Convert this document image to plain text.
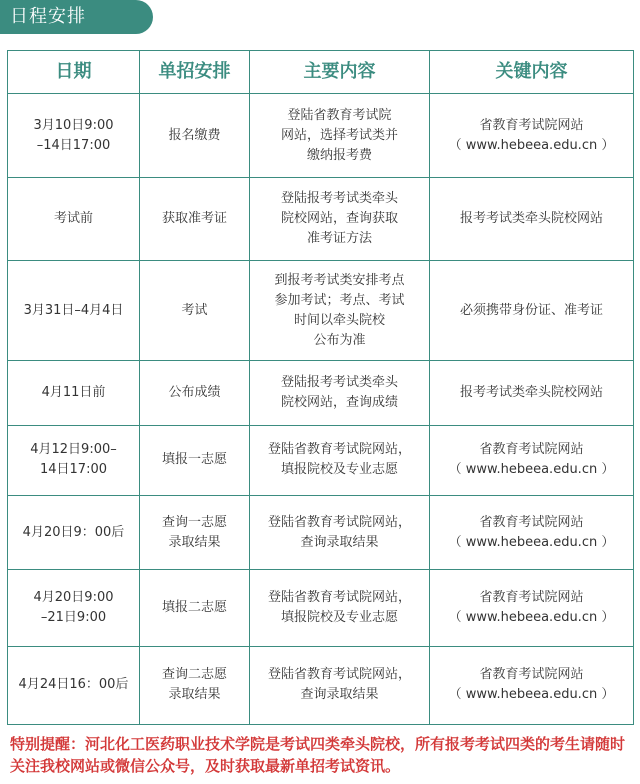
日程安排
日期	单招安排	主要内容	关键内容

3月10日9:00
–14日17:00	报名缴费	登陆省教育考试院
网站，选择考试类并
缴纳报考费	省教育考试院网站
（ www.hebeea.edu.cn ）

考试前	获取准考证	登陆报考考试类牵头
院校网站，查询获取
准考证方法	报考考试类牵头院校网站

3月31日–4月4日	考试	到报考考试类安排考点
参加考试；考点、考试
时间以牵头院校
公布为准	必须携带身份证、准考证

4月11日前	公布成绩	登陆报考考试类牵头
院校网站，查询成绩	报考考试类牵头院校网站

4月12日9:00–
14日17:00	填报一志愿	登陆省教育考试院网站，
填报院校及专业志愿	省教育考试院网站
（ www.hebeea.edu.cn ）

4月20日9：00后	查询一志愿
录取结果	登陆省教育考试院网站，
查询录取结果	省教育考试院网站
（ www.hebeea.edu.cn ）

4月20日9:00
–21日9:00	填报二志愿	登陆省教育考试院网站，
填报院校及专业志愿	省教育考试院网站
（ www.hebeea.edu.cn ）

4月24日16：00后	查询二志愿
录取结果	登陆省教育考试院网站，
查询录取结果	省教育考试院网站
（ www.hebeea.edu.cn ）
特别提醒：河北化工医药职业技术学院是考试四类牵头院校，所有报考考试四类的考生请随时关注我校网站或微信公众号，及时获取最新单招考试资讯。
